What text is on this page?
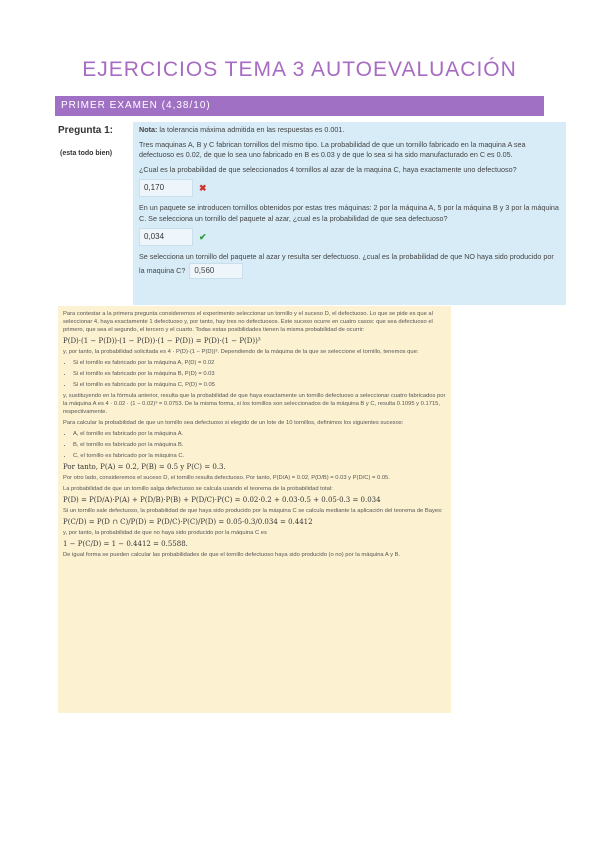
EJERCICIOS TEMA 3 AUTOEVALUACIÓN
PRIMER EXAMEN (4,38/10)
Pregunta 1:
(esta todo bien)

Nota: la tolerancia máxima admitida en las respuestas es 0.001.

Tres maquinas A, B y C fabrican tornillos del mismo tipo. La probabilidad de que un tornillo fabricado en la maquina A sea defectuoso es 0.02, de que lo sea uno fabricado en B es 0.03 y de que lo sea si ha sido manufacturado en C es 0.05.

¿Cual es la probabilidad de que seleccionados 4 tornillos al azar de la maquina C, haya exactamente uno defectuoso?

0,170	✖

En un paquete se introducen tornillos obtenidos por estas tres máquinas: 2 por la máquina A, 5 por la máquina B y 3 por la máquina C. Se selecciona un tornillo del paquete al azar, ¿cual es la probabilidad de que sea defectuoso?

0,034	✔

Se selecciona un tornillo del paquete al azar y resulta ser defectuoso. ¿cual es la probabilidad de que NO haya sido producido por la maquina C? 0,560

Para contestar a la primera pregunta consideremos el experimento seleccionar un tornillo y el suceso D, el defectuoso. Lo que se pide es que al seleccionar 4, haya exactamente 1 defectuoso y, por tanto, hay tres no defectuosos. Este suceso ocurre en cuatro casos: que sea defectuoso el primero, que sea el segundo, el tercero y el cuarto. Todas estas posibilidades tienen la misma probabilidad de ocurrir:

P(D)·(1 − P(D))·(1 − P(D))·(1 − P(D)) = P(D)·(1 − P(D))³

y, por tanto, la probabilidad solicitada es 4 · P(D)·(1 − P(D))³. Dependiendo de la máquina de la que se seleccione el tornillo, tenemos que:

• Si el tornillo es fabricado por la máquina A, P(D) = 0.02
• Si el tornillo es fabricado por la máquina B, P(D) = 0.03
• Si el tornillo es fabricado por la máquina C, P(D) = 0.05

y, sustituyendo en la fórmula anterior, resulta que la probabilidad de que haya exactamente un tornillo defectuoso a seleccionar cuatro fabricados por la máquina A es 4 · 0.02 · (1 − 0.02)³ = 0.0753. De la misma forma, si los tornillos son seleccionados de la máquina B y C, resulta 0.1095 y 0.1715, respectivamente.

Para calcular la probabilidad de que un tornillo sea defectuoso si elegido de un lote de 10 tornillos, definimos los siguientes sucesos:

• A, el tornillo es fabricado por la máquina A.
• B, el tornillo es fabricado por la máquina B.
• C, el tornillo es fabricado por la máquina C.

Por tanto, P(A) = 0.2, P(B) = 0.5 y P(C) = 0.3.

Por otro lado, consideremos el suceso D, el tornillo resulta defectuoso. Por tanto, P(D/A) = 0.02, P(D/B) = 0.03 y P(D/C) = 0.05.

La probabilidad de que un tornillo salga defectuoso se calcula usando el teorema de la probabilidad total:

P(D) = P(D/A)·P(A) + P(D/B)·P(B) + P(D/C)·P(C) = 0.02·0.2 + 0.03·0.5 + 0.05·0.3 = 0.034

Si un tornillo sale defectuoso, la probabilidad de que haya sido producido por la máquina C se calcula mediante la aplicación del teorema de Bayes:

P(C/D) = P(D ∩ C)/P(D) = P(D/C)·P(C)/P(D) = 0.05·0.3/0.034 = 0.4412

y, por tanto, la probabilidad de que no haya sido producido por la máquina C es

1 − P(C/D) = 1 − 0.4412 = 0.5588.

De igual forma se pueden calcular las probabilidades de que el tornillo defectuoso haya sido producido (o no) por la máquina A y B.
